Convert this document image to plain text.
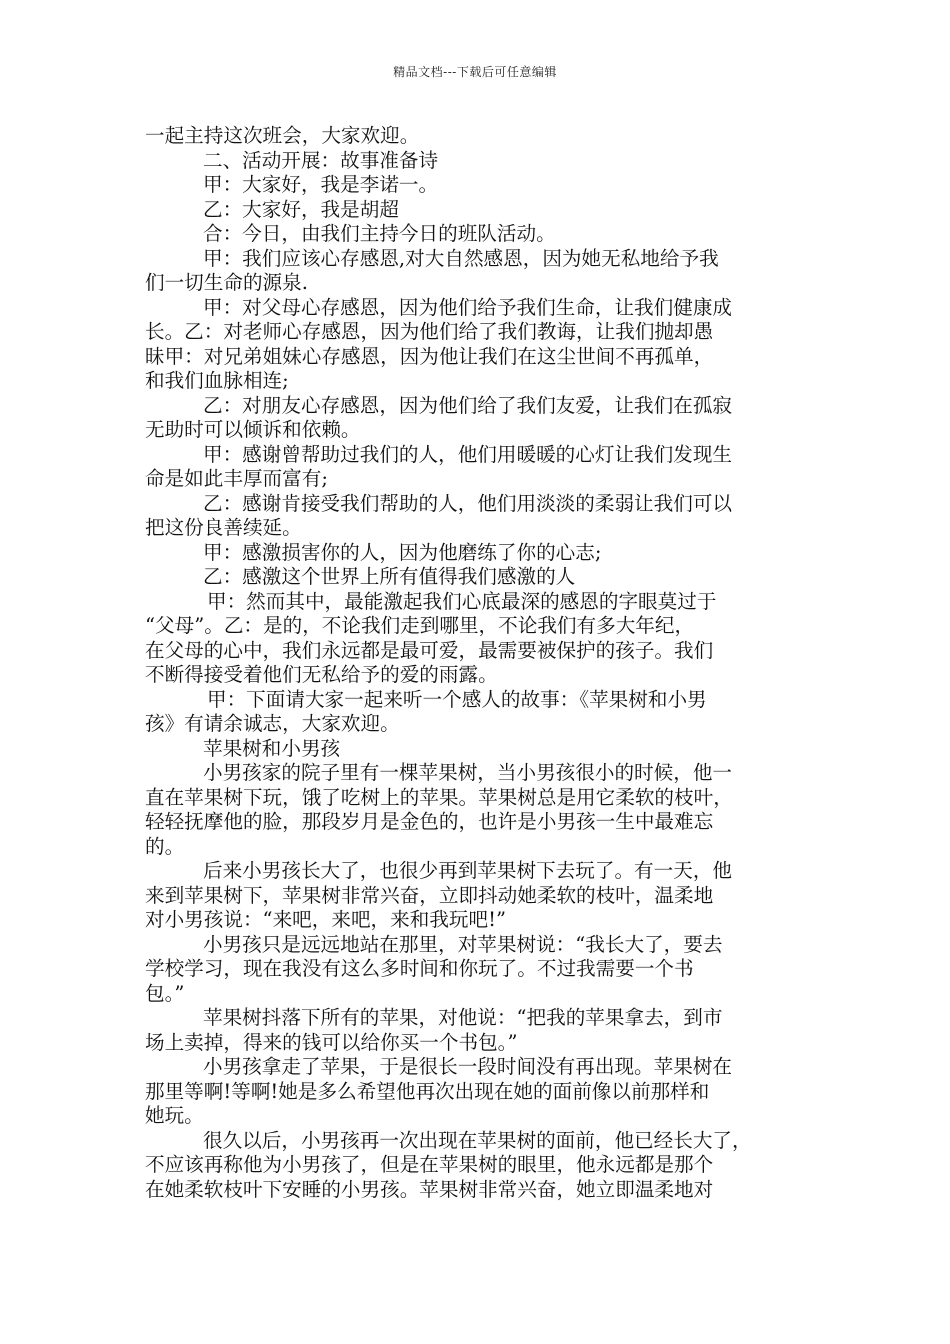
精品文档---下载后可任意编辑
一起主持这次班会，大家欢迎。
二、活动开展：故事准备诗
甲：大家好，我是李诺一。
乙：大家好，我是胡超
合：今日，由我们主持今日的班队活动。
甲：我们应该心存感恩,对大自然感恩，因为她无私地给予我
们一切生命的源泉.
甲：对父母心存感恩，因为他们给予我们生命，让我们健康成
长。乙：对老师心存感恩，因为他们给了我们教诲，让我们抛却愚
昧甲：对兄弟姐妹心存感恩，因为他让我们在这尘世间不再孤单，
和我们血脉相连;
乙：对朋友心存感恩，因为他们给了我们友爱，让我们在孤寂
无助时可以倾诉和依赖。
甲：感谢曾帮助过我们的人，他们用暖暖的心灯让我们发现生
命是如此丰厚而富有;
乙：感谢肯接受我们帮助的人，他们用淡淡的柔弱让我们可以
把这份良善续延。
甲：感激损害你的人，因为他磨练了你的心志;
乙：感激这个世界上所有值得我们感激的人
甲：然而其中，最能激起我们心底最深的感恩的字眼莫过于
“父母”。乙：是的，不论我们走到哪里，不论我们有多大年纪，
在父母的心中，我们永远都是最可爱，最需要被保护的孩子。我们
不断得接受着他们无私给予的爱的雨露。
甲：下面请大家一起来听一个感人的故事：《苹果树和小男
孩》有请余诚志，大家欢迎。
苹果树和小男孩
小男孩家的院子里有一棵苹果树，当小男孩很小的时候，他一
直在苹果树下玩，饿了吃树上的苹果。苹果树总是用它柔软的枝叶，
轻轻抚摩他的脸，那段岁月是金色的，也许是小男孩一生中最难忘
的。
后来小男孩长大了，也很少再到苹果树下去玩了。有一天，他
来到苹果树下，苹果树非常兴奋，立即抖动她柔软的枝叶，温柔地
对小男孩说：“来吧，来吧，来和我玩吧!”
小男孩只是远远地站在那里，对苹果树说：“我长大了，要去
学校学习，现在我没有这么多时间和你玩了。不过我需要一个书
包。”
苹果树抖落下所有的苹果，对他说：“把我的苹果拿去，到市
场上卖掉，得来的钱可以给你买一个书包。”
小男孩拿走了苹果，于是很长一段时间没有再出现。苹果树在
那里等啊!等啊!她是多么希望他再次出现在她的面前像以前那样和
她玩。
很久以后，小男孩再一次出现在苹果树的面前，他已经长大了，
不应该再称他为小男孩了，但是在苹果树的眼里，他永远都是那个
在她柔软枝叶下安睡的小男孩。苹果树非常兴奋，她立即温柔地对
